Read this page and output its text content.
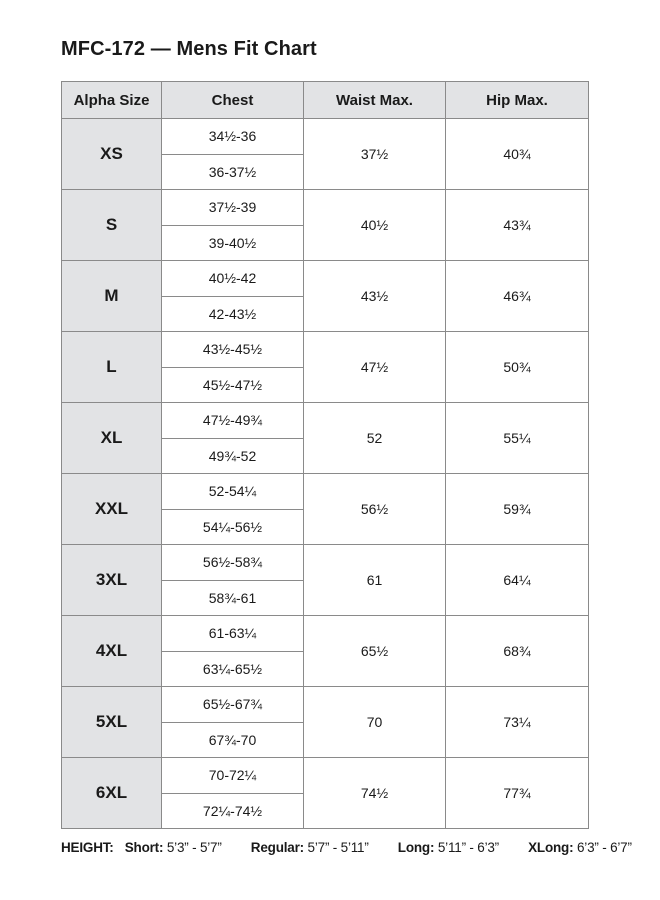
MFC-172 — Mens Fit Chart
Alpha Size	Chest	Waist Max.	Hip Max.
XS	34½-36	37½	40¾
	36-37½		
S	37½-39	40½	43¾
	39-40½		
M	40½-42	43½	46¾
	42-43½		
L	43½-45½	47½	50¾
	45½-47½		
XL	47½-49¾	52	55¼
	49¾-52		
XXL	52-54¼	56½	59¾
	54¼-56½		
3XL	56½-58¾	61	64¼
	58¾-61		
4XL	61-63¼	65½	68¾
	63¼-65½		
5XL	65½-67¾	70	73¼
	67¾-70		
6XL	70-72¼	74½	77¾
	72¼-74½		
HEIGHT: Short: 5’3” - 5’7” Regular: 5’7” - 5’11” Long: 5’11” - 6’3” XLong: 6’3” - 6’7”
